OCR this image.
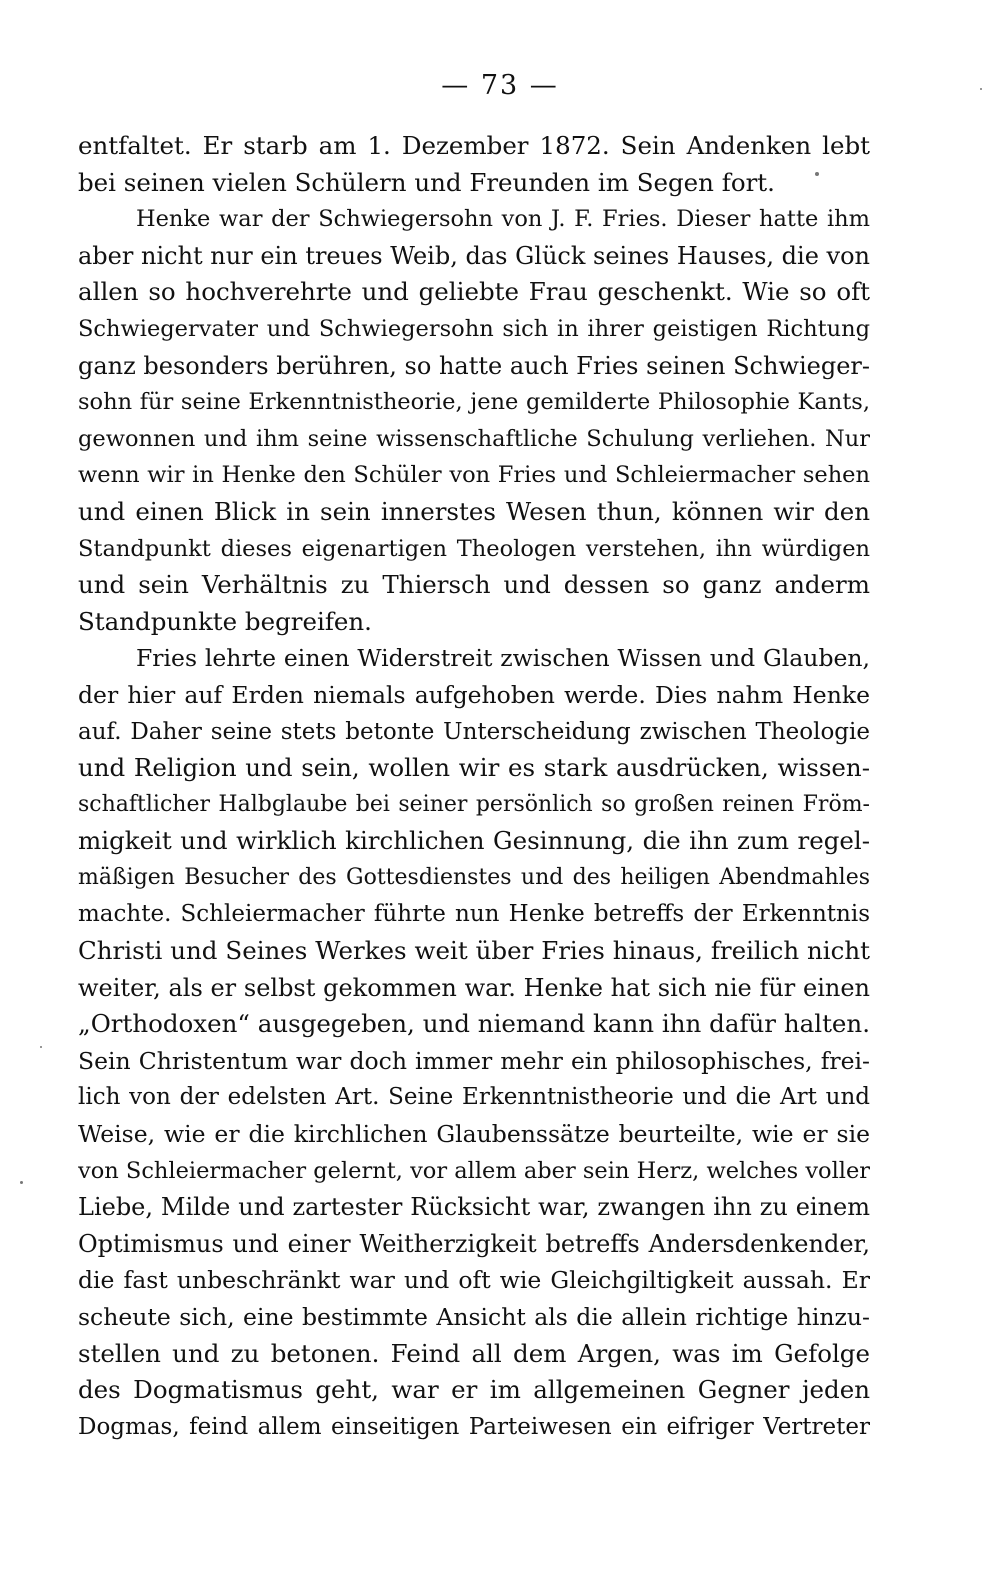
— 73 —
entfaltet. Er starb am 1. Dezember 1872. Sein Andenken lebt
bei seinen vielen Schülern und Freunden im Segen fort.
Henke war der Schwiegersohn von J. F. Fries. Dieser hatte ihm
aber nicht nur ein treues Weib, das Glück seines Hauses, die von
allen so hochverehrte und geliebte Frau geschenkt. Wie so oft
Schwiegervater und Schwiegersohn sich in ihrer geistigen Richtung
ganz besonders berühren, so hatte auch Fries seinen Schwieger-
sohn für seine Erkenntnistheorie, jene gemilderte Philosophie Kants,
gewonnen und ihm seine wissenschaftliche Schulung verliehen. Nur
wenn wir in Henke den Schüler von Fries und Schleiermacher sehen
und einen Blick in sein innerstes Wesen thun, können wir den
Standpunkt dieses eigenartigen Theologen verstehen, ihn würdigen
und sein Verhältnis zu Thiersch und dessen so ganz anderm
Standpunkte begreifen.
Fries lehrte einen Widerstreit zwischen Wissen und Glauben,
der hier auf Erden niemals aufgehoben werde. Dies nahm Henke
auf. Daher seine stets betonte Unterscheidung zwischen Theologie
und Religion und sein, wollen wir es stark ausdrücken, wissen-
schaftlicher Halbglaube bei seiner persönlich so großen reinen Fröm-
migkeit und wirklich kirchlichen Gesinnung, die ihn zum regel-
mäßigen Besucher des Gottesdienstes und des heiligen Abendmahles
machte. Schleiermacher führte nun Henke betreffs der Erkenntnis
Christi und Seines Werkes weit über Fries hinaus, freilich nicht
weiter, als er selbst gekommen war. Henke hat sich nie für einen
„Orthodoxen“ ausgegeben, und niemand kann ihn dafür halten.
Sein Christentum war doch immer mehr ein philosophisches, frei-
lich von der edelsten Art. Seine Erkenntnistheorie und die Art und
Weise, wie er die kirchlichen Glaubenssätze beurteilte, wie er sie
von Schleiermacher gelernt, vor allem aber sein Herz, welches voller
Liebe, Milde und zartester Rücksicht war, zwangen ihn zu einem
Optimismus und einer Weitherzigkeit betreffs Andersdenkender,
die fast unbeschränkt war und oft wie Gleichgiltigkeit aussah. Er
scheute sich, eine bestimmte Ansicht als die allein richtige hinzu-
stellen und zu betonen. Feind all dem Argen, was im Gefolge
des Dogmatismus geht, war er im allgemeinen Gegner jeden
Dogmas, feind allem einseitigen Parteiwesen ein eifriger Vertreter
